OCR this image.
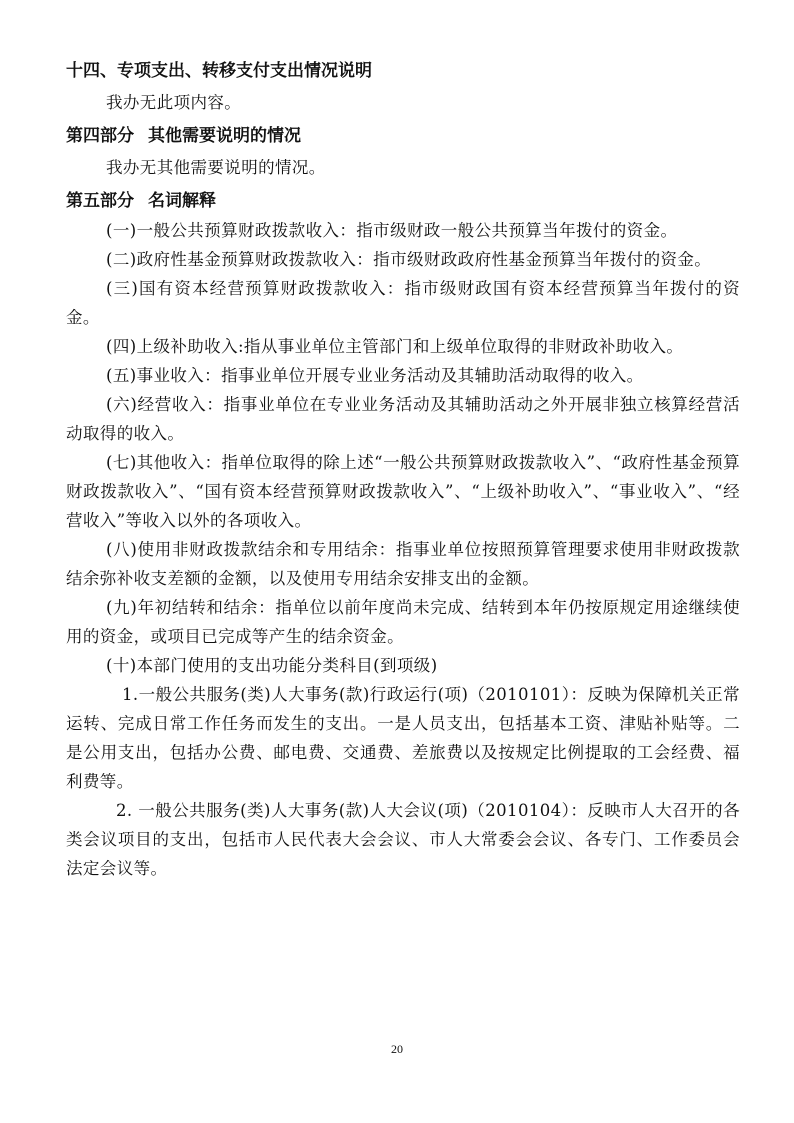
十四、专项支出、转移支付支出情况说明

我办无此项内容。

第四部分 其他需要说明的情况

我办无其他需要说明的情况。

第五部分 名词解释

(一)一般公共预算财政拨款收入：指市级财政一般公共预算当年拨付的资金。

(二)政府性基金预算财政拨款收入：指市级财政政府性基金预算当年拨付的资金。

(三)国有资本经营预算财政拨款收入：指市级财政国有资本经营预算当年拨付的资金。

(四)上级补助收入:指从事业单位主管部门和上级单位取得的非财政补助收入。

(五)事业收入：指事业单位开展专业业务活动及其辅助活动取得的收入。

(六)经营收入：指事业单位在专业业务活动及其辅助活动之外开展非独立核算经营活动取得的收入。

(七)其他收入：指单位取得的除上述“一般公共预算财政拨款收入”、“政府性基金预算财政拨款收入”、“国有资本经营预算财政拨款收入”、“上级补助收入”、“事业收入”、“经营收入”等收入以外的各项收入。

(八)使用非财政拨款结余和专用结余：指事业单位按照预算管理要求使用非财政拨款结余弥补收支差额的金额，以及使用专用结余安排支出的金额。

(九)年初结转和结余：指单位以前年度尚未完成、结转到本年仍按原规定用途继续使用的资金，或项目已完成等产生的结余资金。

(十)本部门使用的支出功能分类科目(到项级)

1.一般公共服务(类)人大事务(款)行政运行(项)（2010101）：反映为保障机关正常运转、完成日常工作任务而发生的支出。一是人员支出，包括基本工资、津贴补贴等。二是公用支出，包括办公费、邮电费、交通费、差旅费以及按规定比例提取的工会经费、福利费等。

2. 一般公共服务(类)人大事务(款)人大会议(项)（2010104）：反映市人大召开的各类会议项目的支出，包括市人民代表大会会议、市人大常委会会议、各专门、工作委员会法定会议等。

20
